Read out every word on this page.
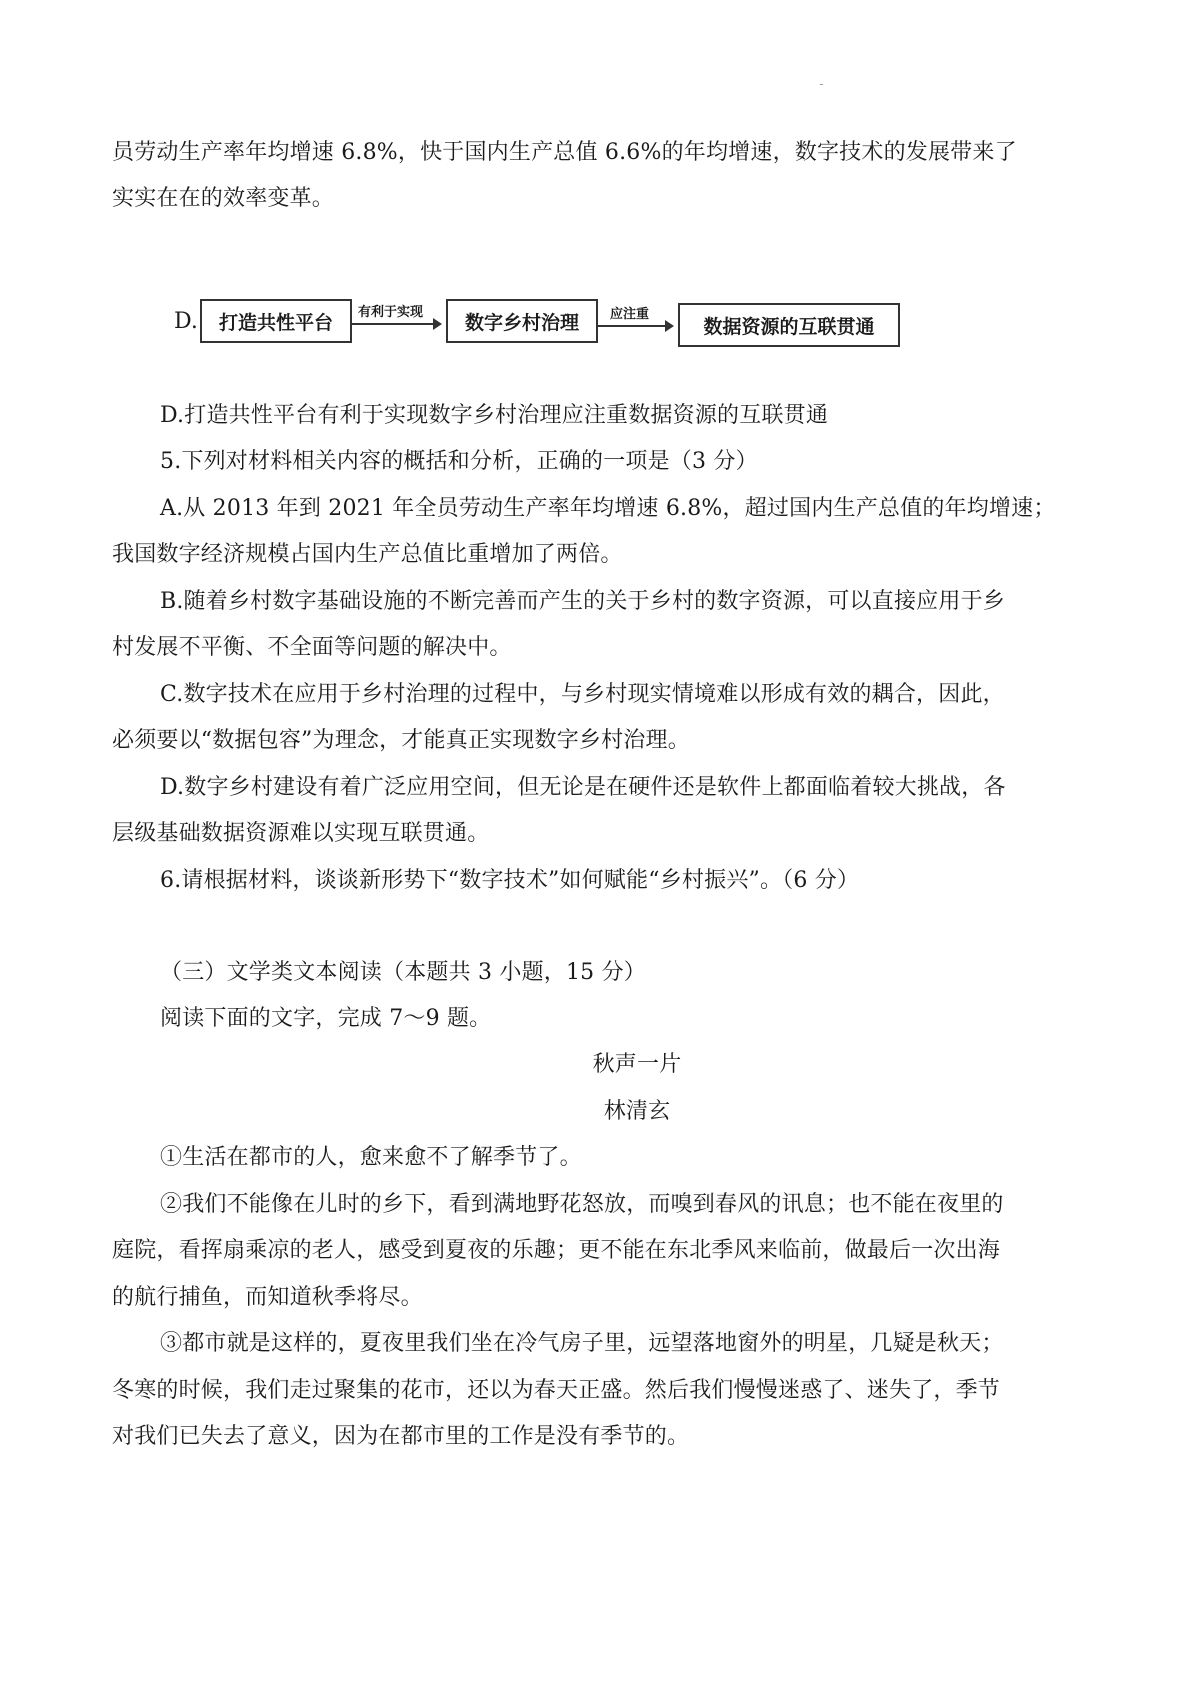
员劳动生产率年均增速 6.8%，快于国内生产总值 6.6%的年均增速，数字技术的发展带来了
实实在在的效率变革。
D.	打造共性平台	有利于实现	数字乡村治理	应注重
数据资源的互联贯通
D.打造共性平台有利于实现数字乡村治理应注重数据资源的互联贯通
5.下列对材料相关内容的概括和分析，正确的一项是（3 分）
A.从 2013 年到 2021 年全员劳动生产率年均增速 6.8%，超过国内生产总值的年均增速；
我国数字经济规模占国内生产总值比重增加了两倍。
B.随着乡村数字基础设施的不断完善而产生的关于乡村的数字资源，可以直接应用于乡
村发展不平衡、不全面等问题的解决中。
C.数字技术在应用于乡村治理的过程中，与乡村现实情境难以形成有效的耦合，因此，
必须要以“数据包容”为理念，才能真正实现数字乡村治理。
D.数字乡村建设有着广泛应用空间，但无论是在硬件还是软件上都面临着较大挑战，各
层级基础数据资源难以实现互联贯通。
6.请根据材料，谈谈新形势下“数字技术”如何赋能“乡村振兴”。（6 分）
（三）文学类文本阅读（本题共 3 小题，15 分）
阅读下面的文字，完成 7～9 题。
秋声一片
林清玄
①生活在都市的人，愈来愈不了解季节了。
②我们不能像在儿时的乡下，看到满地野花怒放，而嗅到春风的讯息；也不能在夜里的
庭院，看挥扇乘凉的老人，感受到夏夜的乐趣；更不能在东北季风来临前，做最后一次出海
的航行捕鱼，而知道秋季将尽。
③都市就是这样的，夏夜里我们坐在冷气房子里，远望落地窗外的明星，几疑是秋天；
冬寒的时候，我们走过聚集的花市，还以为春天正盛。然后我们慢慢迷惑了、迷失了，季节
对我们已失去了意义，因为在都市里的工作是没有季节的。
